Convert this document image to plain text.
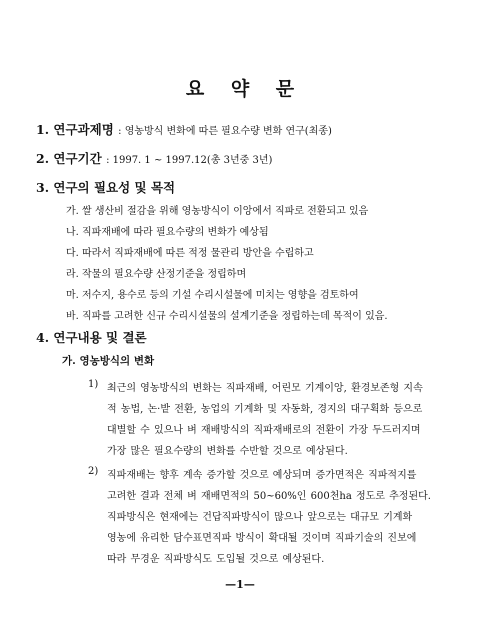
요 약 문
1. 연구과제명 : 영농방식 변화에 따른 필요수량 변화 연구(최종)
2. 연구기간 : 1997. 1 ~ 1997.12(총 3년중 3년)
3. 연구의 필요성 및 목적
가. 쌀 생산비 절감을 위해 영농방식이 이앙에서 직파로 전환되고 있음
나. 직파재배에 따라 필요수량의 변화가 예상됨
다. 따라서 직파재배에 따른 적정 물관리 방안을 수립하고
라. 작물의 필요수량 산정기준을 정립하며
마. 저수지, 용수로 등의 기설 수리시설물에 미치는 영향을 검토하여
바. 직파를 고려한 신규 수리시설물의 설계기준을 정립하는데 목적이 있음.
4. 연구내용 및 결론
가. 영농방식의 변화
1) 최근의 영농방식의 변화는 직파재배, 어린모 기계이앙, 환경보존형 지속
적 농법, 논·밭 전환, 농업의 기계화 및 자동화, 경지의 대구획화 등으로
대별할 수 있으나 벼 재배방식의 직파재배로의 전환이 가장 두드러지며
가장 많은 필요수량의 변화를 수반할 것으로 예상된다.
2) 직파재배는 향후 계속 증가할 것으로 예상되며 증가면적은 직파적지를
고려한 결과 전체 벼 재배면적의 50~60%인 600천ha 정도로 추정된다.
직파방식은 현재에는 건답직파방식이 많으나 앞으로는 대규모 기계화
영농에 유리한 담수표면직파 방식이 확대될 것이며 직파기술의 진보에
따라 무경운 직파방식도 도입될 것으로 예상된다.
—1—
